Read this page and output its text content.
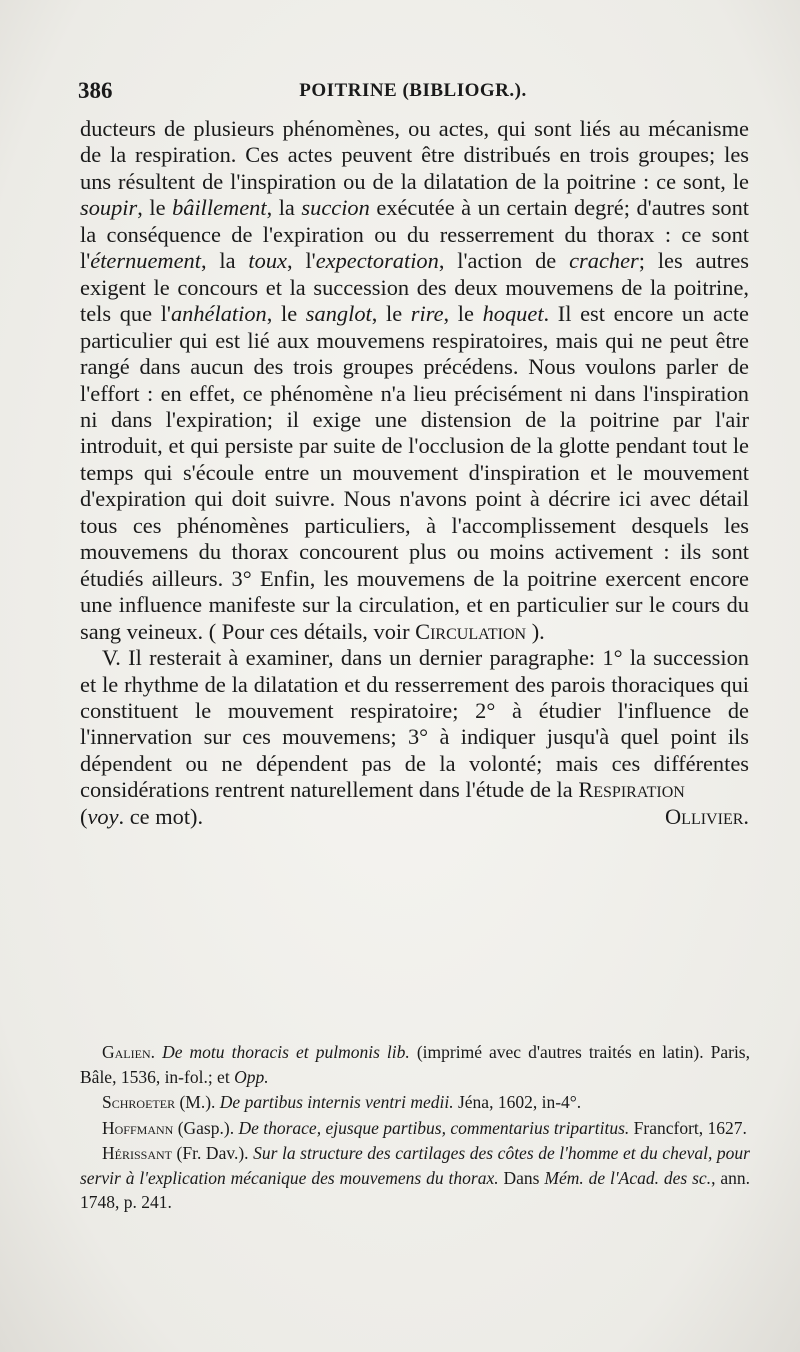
386	POITRINE (BIBLIOGR.).

ducteurs de plusieurs phénomènes, ou actes, qui sont liés au mécanisme de la respiration. Ces actes peuvent être distribués en trois groupes; les uns résultent de l'inspiration ou de la dilatation de la poitrine : ce sont, le soupir, le bâillement, la succion exécutée à un certain degré; d'autres sont la conséquence de l'expiration ou du resserrement du thorax : ce sont l'éternuement, la toux, l'expectoration, l'action de cracher; les autres exigent le concours et la succession des deux mouvemens de la poitrine, tels que l'anhélation, le sanglot, le rire, le hoquet. Il est encore un acte particulier qui est lié aux mouvemens respiratoires, mais qui ne peut être rangé dans aucun des trois groupes précédens. Nous voulons parler de l'effort : en effet, ce phénomène n'a lieu précisément ni dans l'inspiration ni dans l'expiration; il exige une distension de la poitrine par l'air introduit, et qui persiste par suite de l'occlusion de la glotte pendant tout le temps qui s'écoule entre un mouvement d'inspiration et le mouvement d'expiration qui doit suivre. Nous n'avons point à décrire ici avec détail tous ces phénomènes particuliers, à l'accomplissement desquels les mouvemens du thorax concourent plus ou moins activement : ils sont étudiés ailleurs. 3° Enfin, les mouvemens de la poitrine exercent encore une influence manifeste sur la circulation, et en particulier sur le cours du sang veineux. ( Pour ces détails, voir Circulation ).

V. Il resterait à examiner, dans un dernier paragraphe: 1° la succession et le rhythme de la dilatation et du resserrement des parois thoraciques qui constituent le mouvement respiratoire; 2° à étudier l'influence de l'innervation sur ces mouvemens; 3° à indiquer jusqu'à quel point ils dépendent ou ne dépendent pas de la volonté; mais ces différentes considérations rentrent naturellement dans l'étude de la Respiration

(voy. ce mot).	Ollivier.

Galien. De motu thoracis et pulmonis lib. (imprimé avec d'autres traités en latin). Paris, Bâle, 1536, in-fol.; et Opp.

Schroeter (M.). De partibus internis ventri medii. Jéna, 1602, in-4°.

Hoffmann (Gasp.). De thorace, ejusque partibus, commentarius tripartitus. Francfort, 1627.

Hérissant (Fr. Dav.). Sur la structure des cartilages des côtes de l'homme et du cheval, pour servir à l'explication mécanique des mouvemens du thorax. Dans Mém. de l'Acad. des sc., ann. 1748, p. 241.
